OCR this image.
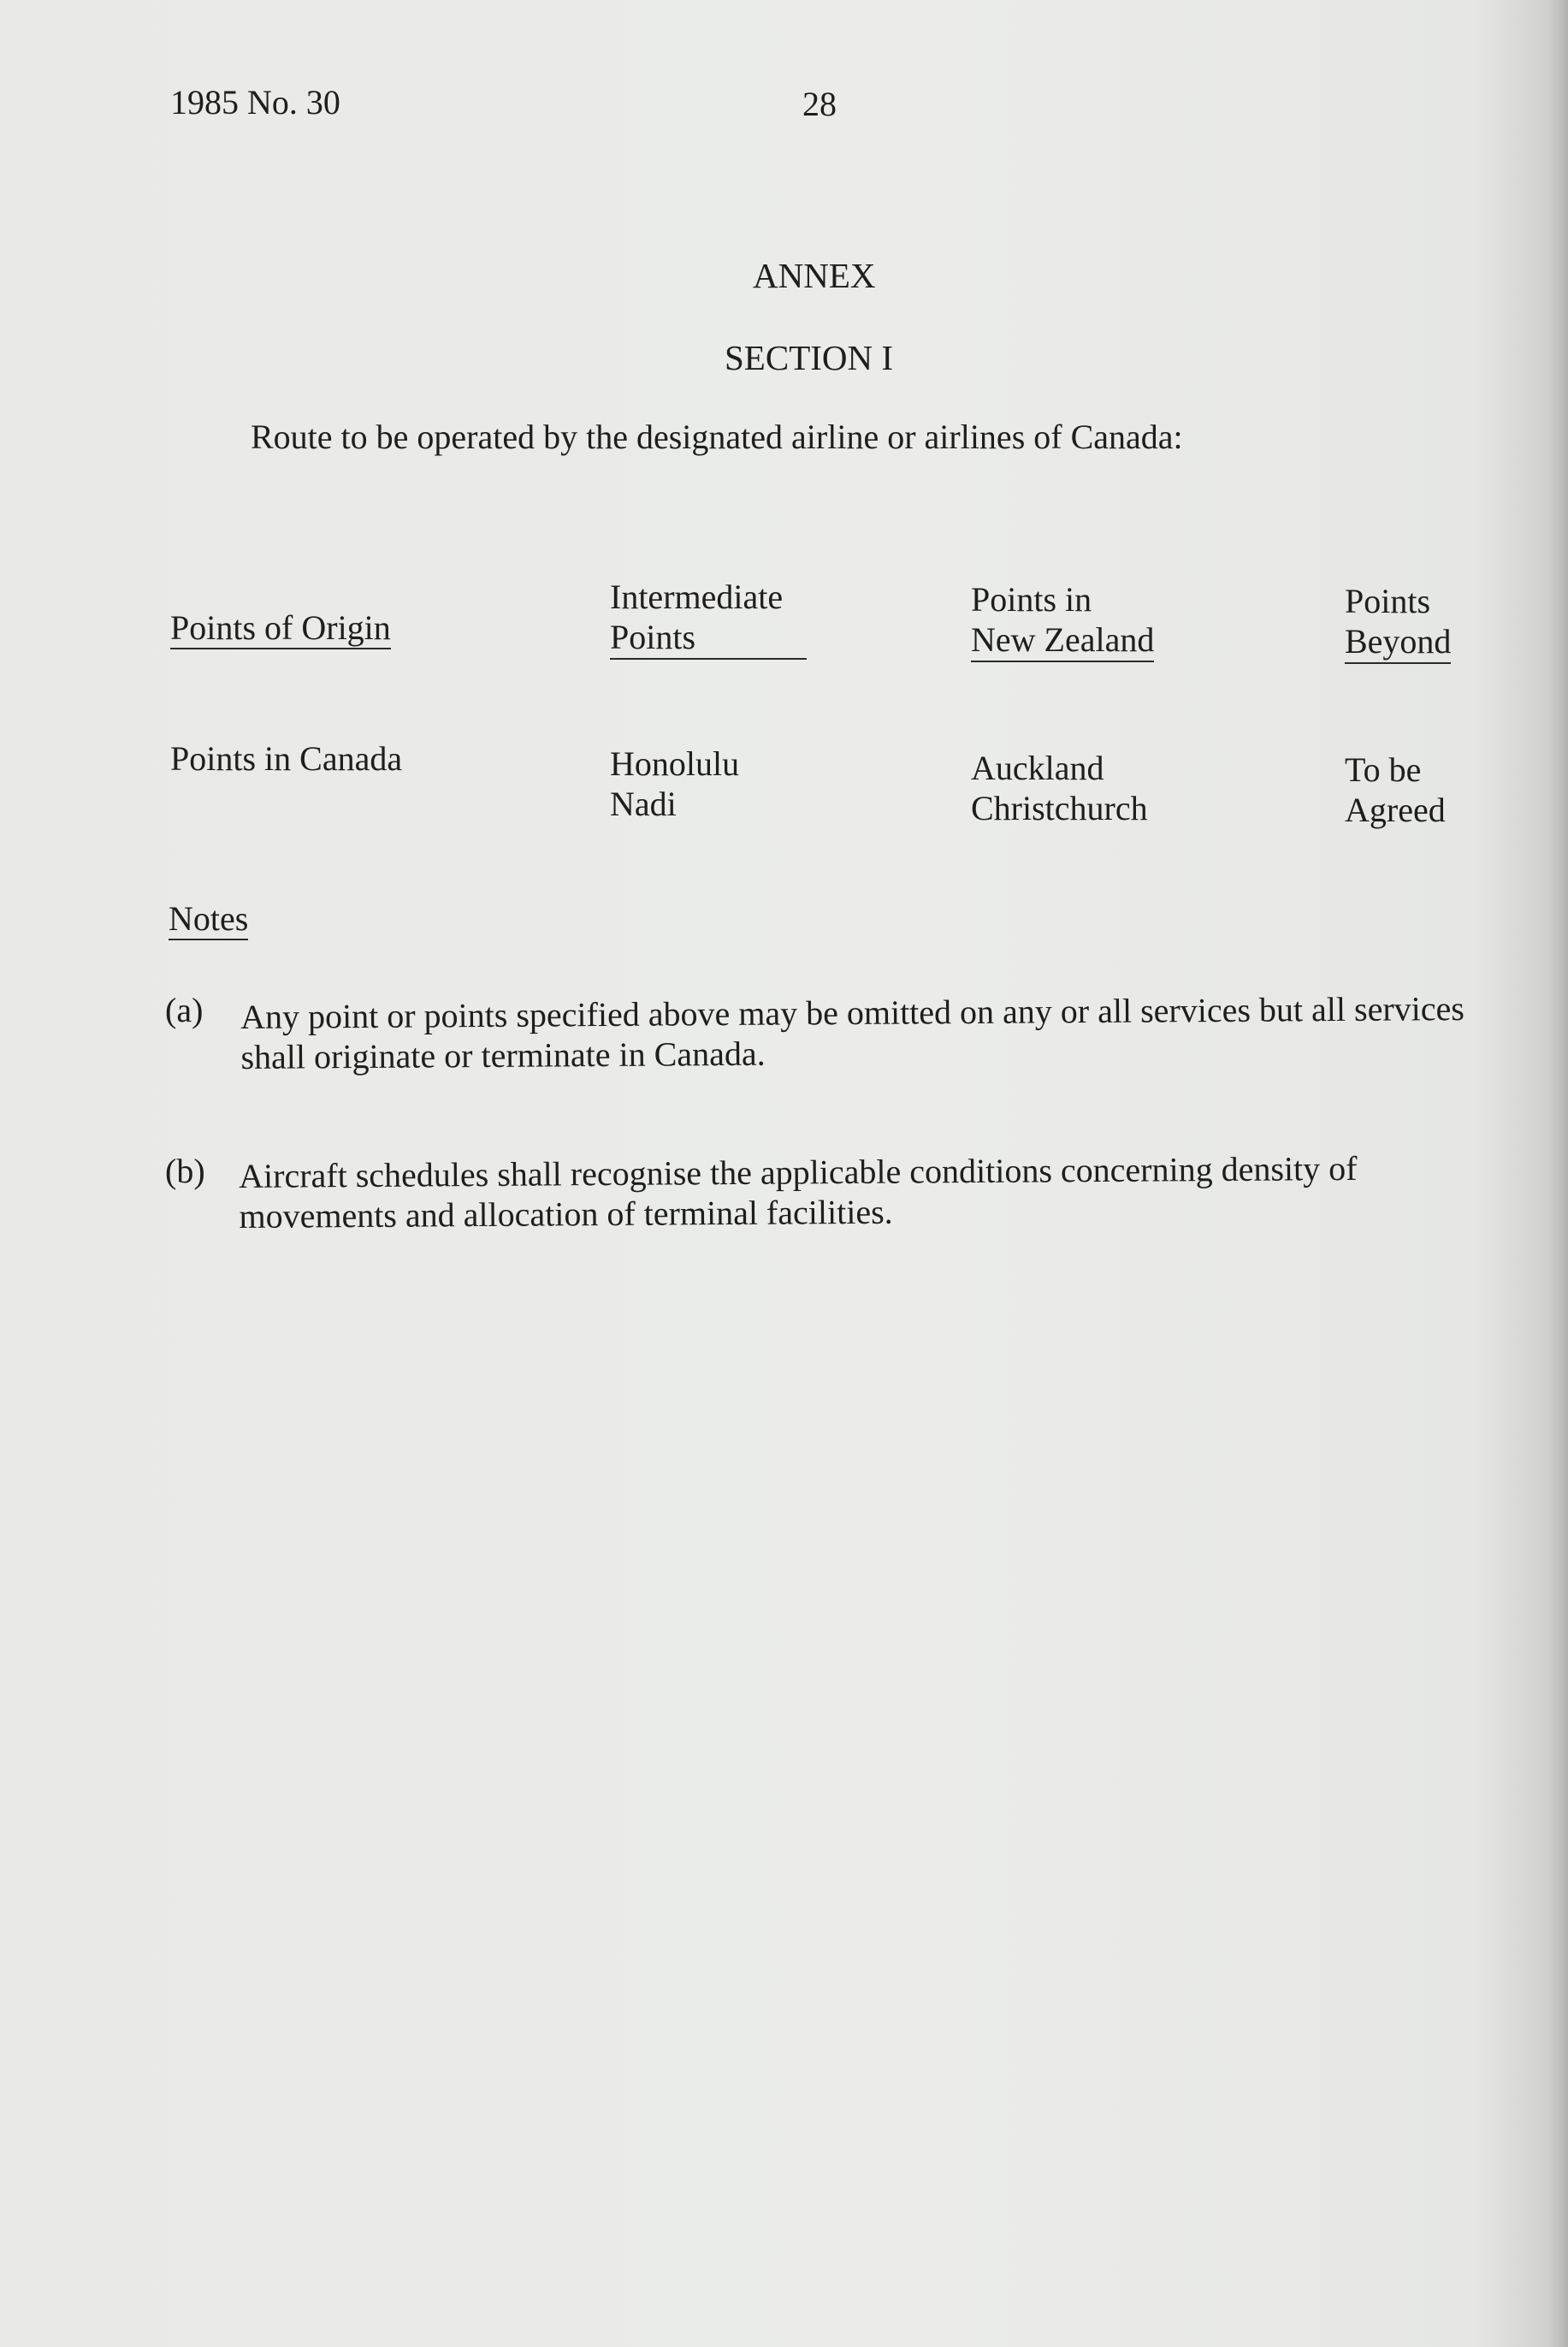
1985 No. 30	28
ANNEX
SECTION I
Route to be operated by the designated airline or airlines of Canada:
Points of Origin
Intermediate
Points
Points in
New Zealand
Points
Beyond
Points in Canada	Honolulu
Nadi
Auckland
Christchurch
To be
Agreed
Notes
(a) Any point or points specified above may be omitted on any or all services but all services shall originate or terminate in Canada.
(b) Aircraft schedules shall recognise the applicable conditions concerning density of movements and allocation of terminal facilities.
